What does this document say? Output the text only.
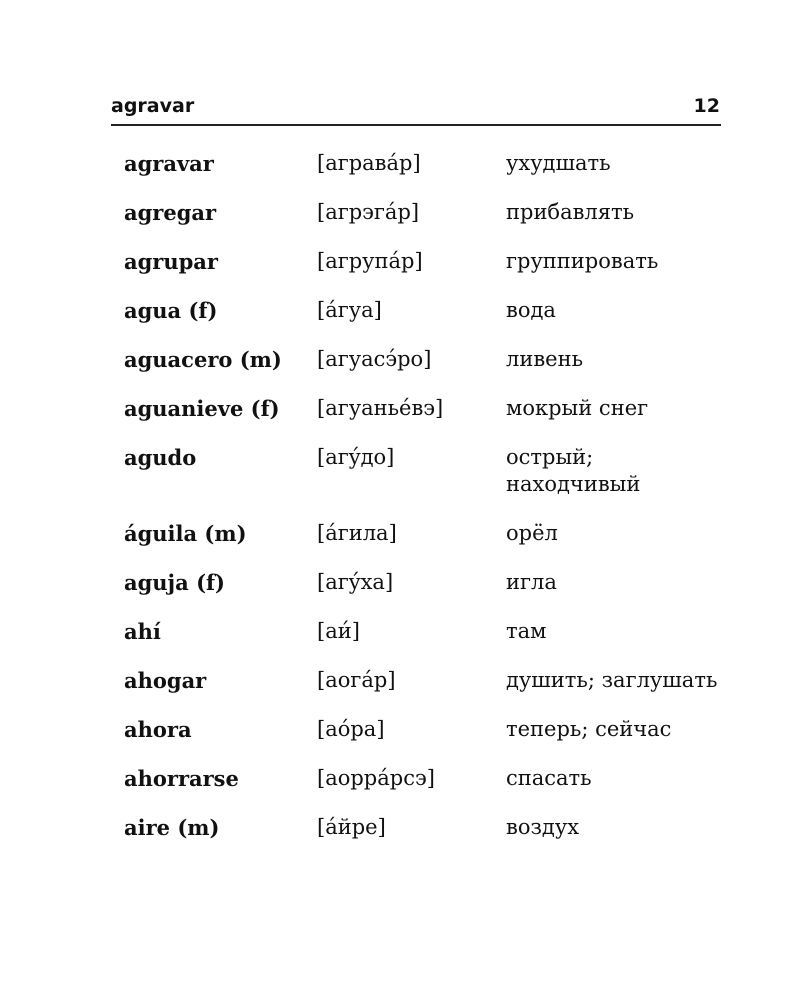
agravar	12
agravar	[агравáр]	ухудшать
agregar	[агрэгáр]	прибавлять
agrupar	[агрупáр]	группировать
agua (f)	[áгуа]	вода
aguacero (m) [агуасэ́ро]	ливень
aguanieve (f) [агуаньéвэ]	мокрый снег
agudo	[агýдо]	острый; находчивый
águila (m)	[áгила]	орёл
aguja (f)	[агýха]	игла
ahí	[аи́]	там
ahogar	[аогáр]	душить; заглушать
ahora	[аóра]	теперь; сейчас
ahorrarse	[аоррáрсэ]	спасать
aire (m)	[áйре]	воздух
